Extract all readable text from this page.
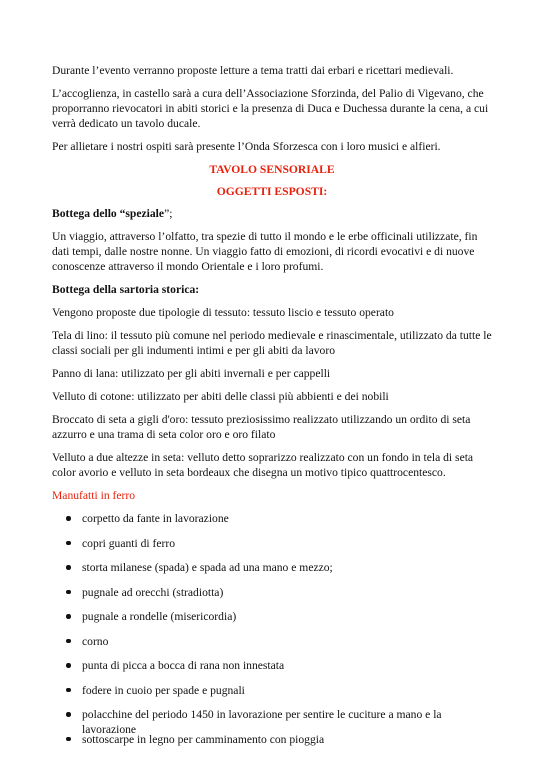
Durante l’evento verranno proposte letture a tema tratti dai erbari e ricettari medievali.

L’accoglienza, in castello sarà a cura dell’Associazione Sforzinda, del Palio di Vigevano, che proporranno rievocatori in abiti storici e la presenza di Duca e Duchessa durante la cena, a cui verrà dedicato un tavolo ducale.

Per allietare i nostri ospiti sarà presente l’Onda Sforzesca con i loro musici e alfieri.

TAVOLO SENSORIALE

OGGETTI ESPOSTI:

Bottega dello “speziale”;

Un viaggio, attraverso l’olfatto, tra spezie di tutto il mondo e le erbe officinali utilizzate, fin dati tempi, dalle nostre nonne. Un viaggio fatto di emozioni, di ricordi evocativi e di nuove conoscenze attraverso il mondo Orientale e i loro profumi.

Bottega della sartoria storica:

Vengono proposte due tipologie di tessuto: tessuto liscio e tessuto operato

Tela di lino: il tessuto più comune nel periodo medievale e rinascimentale, utilizzato da tutte le classi sociali per gli indumenti intimi e per gli abiti da lavoro

Panno di lana: utilizzato per gli abiti invernali e per cappelli

Velluto di cotone: utilizzato per abiti delle classi più abbienti e dei nobili

Broccato di seta a gigli d'oro: tessuto preziosissimo realizzato utilizzando un ordito di seta azzurro e una trama di seta color oro e oro filato

Velluto a due altezze in seta: velluto detto soprarizzo realizzato con un fondo in tela di seta color avorio e velluto in seta bordeaux che disegna un motivo tipico quattrocentesco.

Manufatti in ferro

corpetto da fante in lavorazione
copri guanti di ferro
storta milanese (spada) e spada ad una mano e mezzo;
pugnale ad orecchi (stradiotta)
pugnale a rondelle (misericordia)
corno
punta di picca a bocca di rana non innestata
fodere in cuoio per spade e pugnali
polacchine del periodo 1450 in lavorazione per sentire le cuciture a mano e la lavorazione
sottoscarpe in legno per camminamento con pioggia
